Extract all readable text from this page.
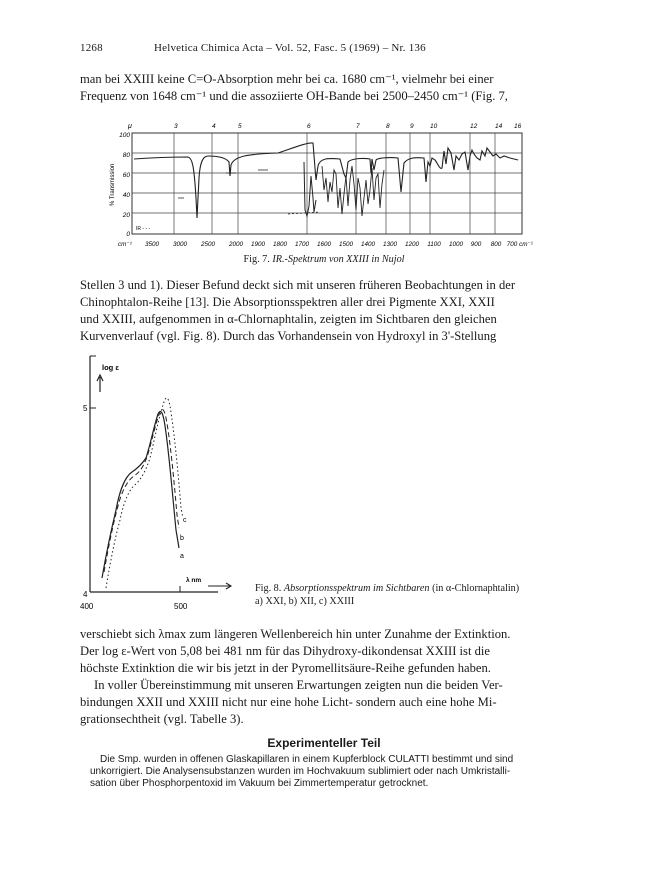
1268	Helvetica Chimica Acta – Vol. 52, Fasc. 5 (1969) – Nr. 136
man bei XXIII keine C=O-Absorption mehr bei ca. 1680 cm⁻¹, vielmehr bei einer
Frequenz von 1648 cm⁻¹ und die assoziierte OH-Bande bei 2500–2450 cm⁻¹ (Fig. 7,
μ	3	4	5	6	7	8	9	10	12	14 16
100
80
60
40
20
0
% Transmission
IR - - -
cm⁻¹ 3500 3000 2500 2000 1900 1800 1700 1600 1500 1400 1300 1200 1100 1000 900 800 700 cm⁻¹
Fig. 7. IR.-Spektrum von XXIII in Nujol
Stellen 3 und 1). Dieser Befund deckt sich mit unseren früheren Beobachtungen in der
Chinophtalon-Reihe [13]. Die Absorptionsspektren aller drei Pigmente XXI, XXII
und XXIII, aufgenommen in α-Chlornaphtalin, zeigten im Sichtbaren den gleichen
Kurvenverlauf (vgl. Fig. 8). Durch das Vorhandensein von Hydroxyl in 3'-Stellung
log ε
5
4
λ nm
400	500
c
b
a
Fig. 8. Absorptionsspektrum im Sichtbaren (in α-Chlornaphtalin)
a) XXI, b) XII, c) XXIII
verschiebt sich λmax zum längeren Wellenbereich hin unter Zunahme der Extinktion.
Der log ε-Wert von 5,08 bei 481 nm für das Dihydroxy-dikondensat XXIII ist die
höchste Extinktion die wir bis jetzt in der Pyromellitsäure-Reihe gefunden haben.
In voller Übereinstimmung mit unseren Erwartungen zeigten nun die beiden Ver-
bindungen XXII und XXIII nicht nur eine hohe Licht- sondern auch eine hohe Mi-
grationsechtheit (vgl. Tabelle 3).
Experimenteller Teil
Die Smp. wurden in offenen Glaskapillaren in einem Kupferblock CULATTI bestimmt und sind
unkorrigiert. Die Analysensubstanzen wurden im Hochvakuum sublimiert oder nach Umkristalli-
sation über Phosphorpentoxid im Vakuum bei Zimmertemperatur getrocknet.
